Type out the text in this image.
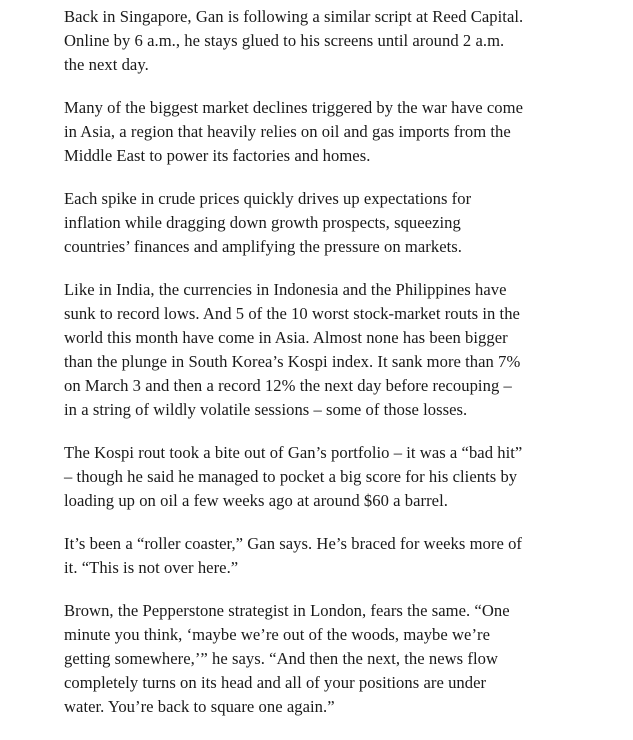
Back in Singapore, Gan is following a similar script at Reed Capital.
Online by 6 a.m., he stays glued to his screens until around 2 a.m.
the next day.

Many of the biggest market declines triggered by the war have come
in Asia, a region that heavily relies on oil and gas imports from the
Middle East to power its factories and homes.

Each spike in crude prices quickly drives up expectations for
inflation while dragging down growth prospects, squeezing
countries’ finances and amplifying the pressure on markets.

Like in India, the currencies in Indonesia and the Philippines have
sunk to record lows. And 5 of the 10 worst stock-market routs in the
world this month have come in Asia. Almost none has been bigger
than the plunge in South Korea’s Kospi index. It sank more than 7%
on March 3 and then a record 12% the next day before recouping –
in a string of wildly volatile sessions – some of those losses.

The Kospi rout took a bite out of Gan’s portfolio – it was a “bad hit”
– though he said he managed to pocket a big score for his clients by
loading up on oil a few weeks ago at around $60 a barrel.

It’s been a “roller coaster,” Gan says. He’s braced for weeks more of
it. “This is not over here.”

Brown, the Pepperstone strategist in London, fears the same. “One
minute you think, ‘maybe we’re out of the woods, maybe we’re
getting somewhere,’” he says. “And then the next, the news flow
completely turns on its head and all of your positions are under
water. You’re back to square one again.”
